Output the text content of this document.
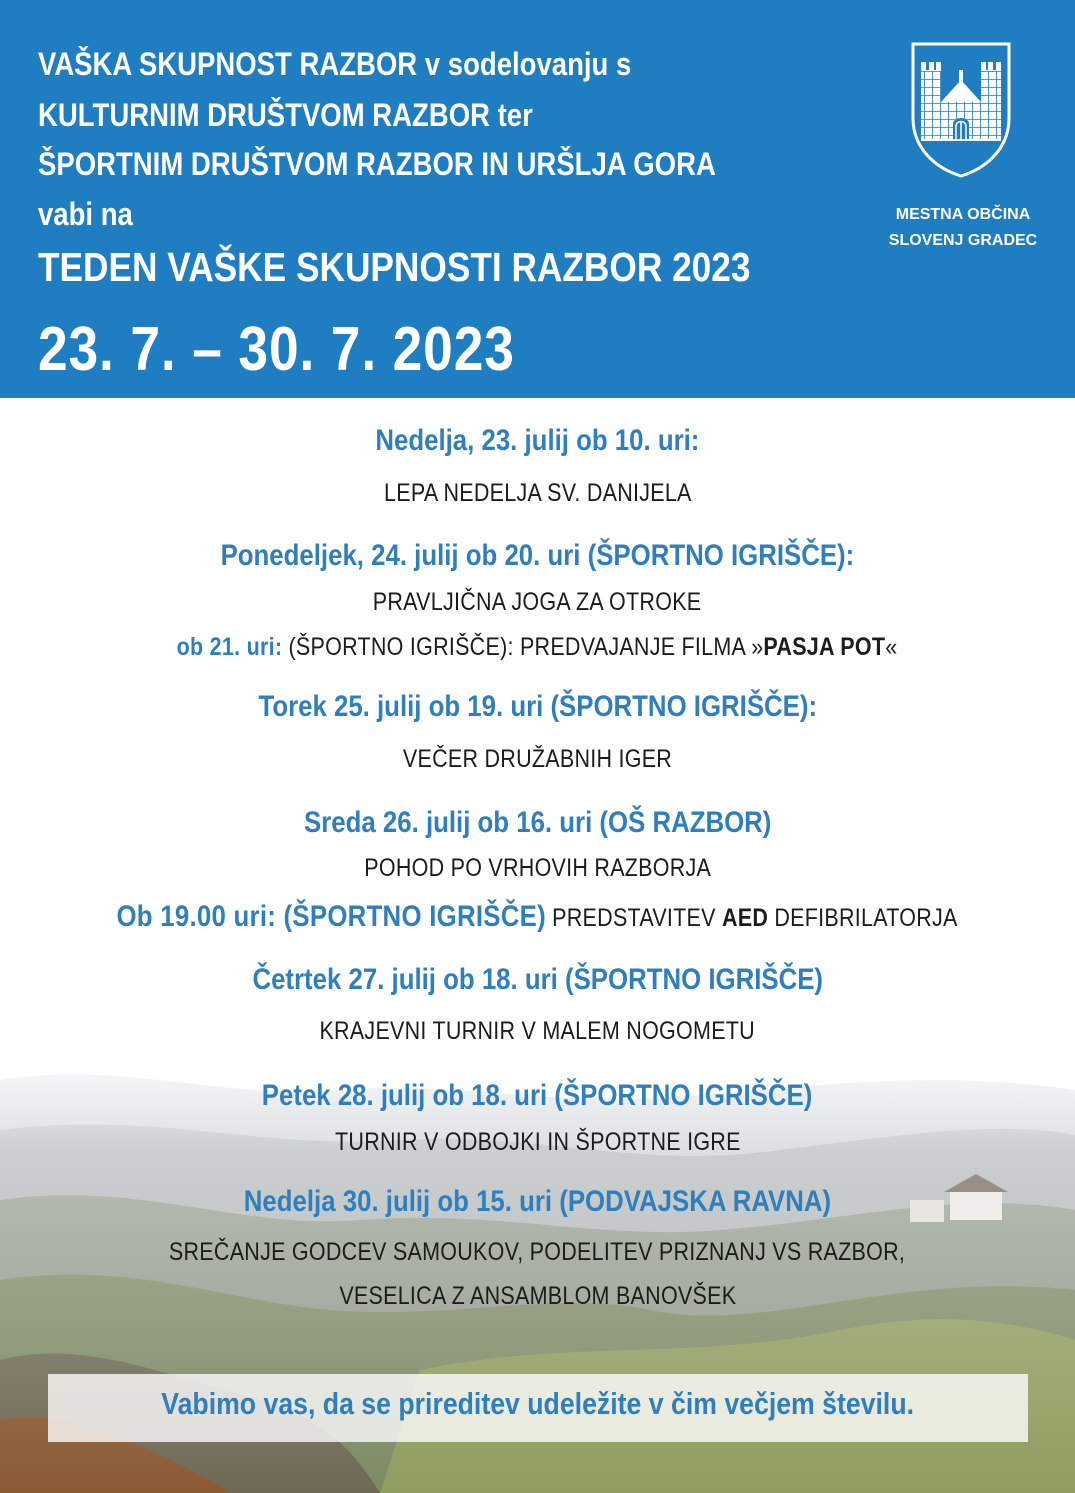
VAŠKA SKUPNOST RAZBOR v sodelovanju s

KULTURNIM DRUŠTVOM RAZBOR ter

ŠPORTNIM DRUŠTVOM RAZBOR IN URŠLJA GORA

vabi na

TEDEN VAŠKE SKUPNOSTI RAZBOR 2023
23. 7. – 30. 7. 2023

MESTNA OBČINA

SLOVENJ GRADEC

Nedelja, 23. julij ob 10. uri:

LEPA NEDELJA SV. DANIJELA

Ponedeljek, 24. julij ob 20. uri (ŠPORTNO IGRIŠČE):

PRAVLJIČNA JOGA ZA OTROKE

ob 21. uri: (ŠPORTNO IGRIŠČE): PREDVAJANJE FILMA »PASJA POT«

Torek 25. julij ob 19. uri (ŠPORTNO IGRIŠČE):

VEČER DRUŽABNIH IGER

Sreda 26. julij ob 16. uri (OŠ RAZBOR)

POHOD PO VRHOVIH RAZBORJA

Ob 19.00 uri: (ŠPORTNO IGRIŠČE) PREDSTAVITEV AED DEFIBRILATORJA

Četrtek 27. julij ob 18. uri (ŠPORTNO IGRIŠČE)

KRAJEVNI TURNIR V MALEM NOGOMETU

Petek 28. julij ob 18. uri (ŠPORTNO IGRIŠČE)

TURNIR V ODBOJKI IN ŠPORTNE IGRE

Nedelja 30. julij ob 15. uri (PODVAJSKA RAVNA)

SREČANJE GODCEV SAMOUKOV, PODELITEV PRIZNANJ VS RAZBOR,

VESELICA Z ANSAMBLOM BANOVŠEK

Vabimo vas, da se prireditev udeležite v čim večjem številu.
